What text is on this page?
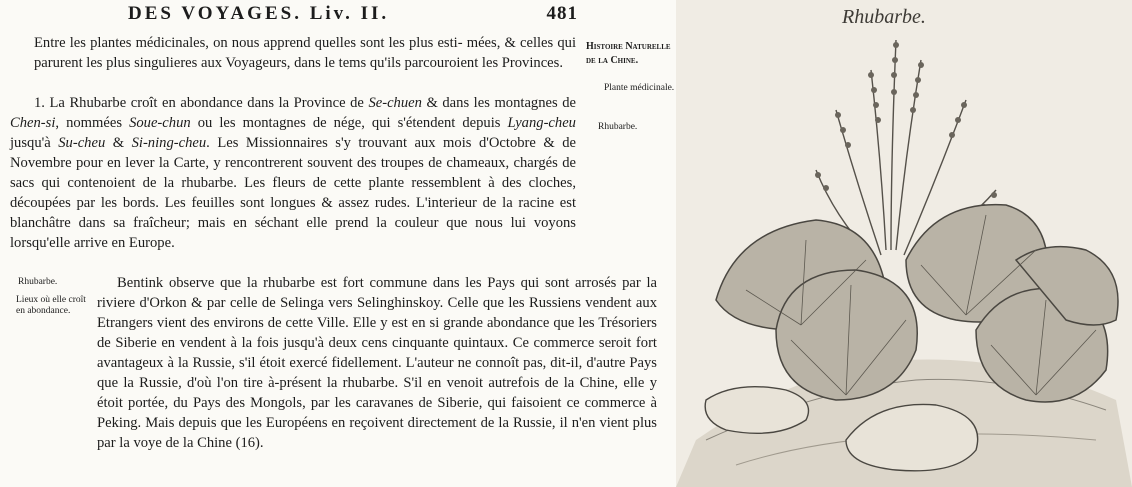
DES VOYAGES. Liv. II.	481

Entre les plantes médicinales, on nous apprend quelles sont les plus esti- mées, & celles qui parurent les plus singulieres aux Voyageurs, dans le tems qu'ils parcouroient les Provinces.

1. La Rhubarbe croît en abondance dans la Province de Se-chuen & dans les montagnes de Chen-si, nommées Soue-chun ou les montagnes de nége, qui s'étendent depuis Lyang-cheu jusqu'à Su-cheu & Si-ning-cheu. Les Missionnaires s'y trouvant aux mois d'Octobre & de Novembre pour en lever la Carte, y rencontrerent souvent des troupes de chameaux, chargés de sacs qui contenoient de la rhubarbe. Les fleurs de cette plante ressemblent à des cloches, découpées par les bords. Les feuilles sont longues & assez rudes. L'interieur de la racine est blanchâtre dans sa fraîcheur; mais en séchant elle prend la couleur que nous lui voyons lorsqu'elle arrive en Europe.

Bentink observe que la rhubarbe est fort commune dans les Pays qui sont arrosés par la riviere d'Orkon & par celle de Selinga vers Selinghinskoy. Celle que les Russiens vendent aux Etrangers vient des environs de cette Ville. Elle y est en si grande abondance que les Trésoriers de Siberie en vendent à la fois jusqu'à deux cens cinquante quintaux. Ce commerce seroit fort avantageux à la Russie, s'il étoit exercé fidellement. L'auteur ne connoît pas, dit-il, d'autre Pays que la Russie, d'où l'on tire à-présent la rhubarbe. S'il en venoit autrefois de la Chine, elle y étoit portée, du Pays des Mongols, par les caravanes de Siberie, qui faisoient ce commerce à Peking. Mais depuis que les Européens en reçoivent directement de la Russie, il n'en vient plus par la voye de la Chine (16).

Histoire Naturelle de la Chine.
Plante médicinale.
Rhubarbe.
Rhubarbe.
Lieux où elle croît en abondance.
Rhubarbe.
